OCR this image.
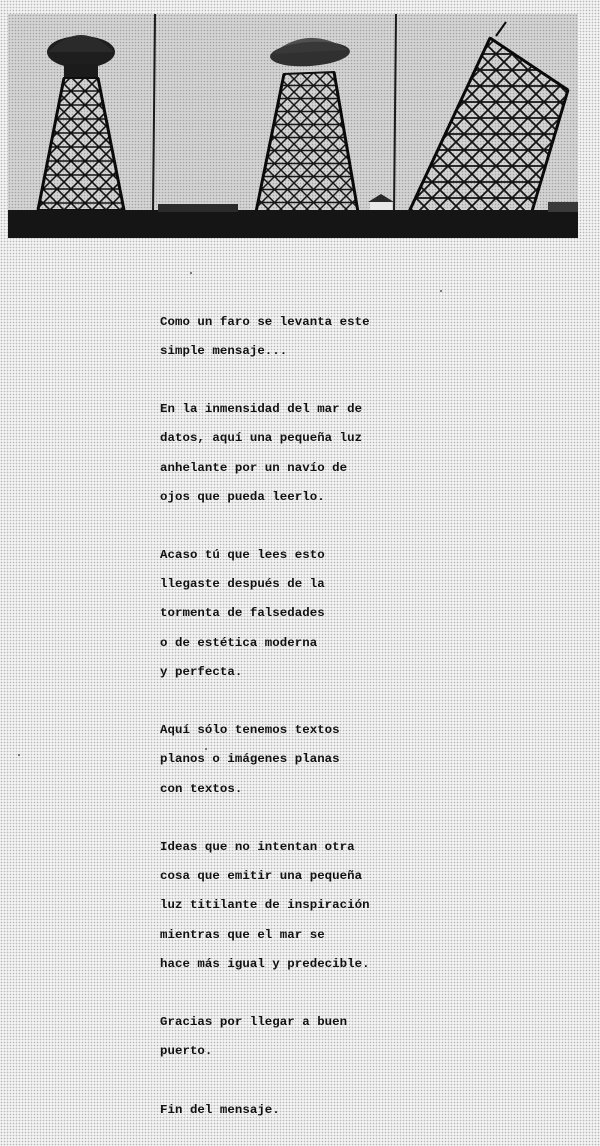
Como un faro se levanta este

simple mensaje...

En la inmensidad del mar de

datos, aquí una pequeña luz

anhelante por un navío de

ojos que pueda leerlo.

Acaso tú que lees esto

llegaste después de la

tormenta de falsedades

o de estética moderna

y perfecta.

Aquí sólo tenemos textos

planos o imágenes planas

con textos.

Ideas que no intentan otra

cosa que emitir una pequeña

luz titilante de inspiración

mientras que el mar se

hace más igual y predecible.

Gracias por llegar a buen

puerto.

Fin del mensaje.
